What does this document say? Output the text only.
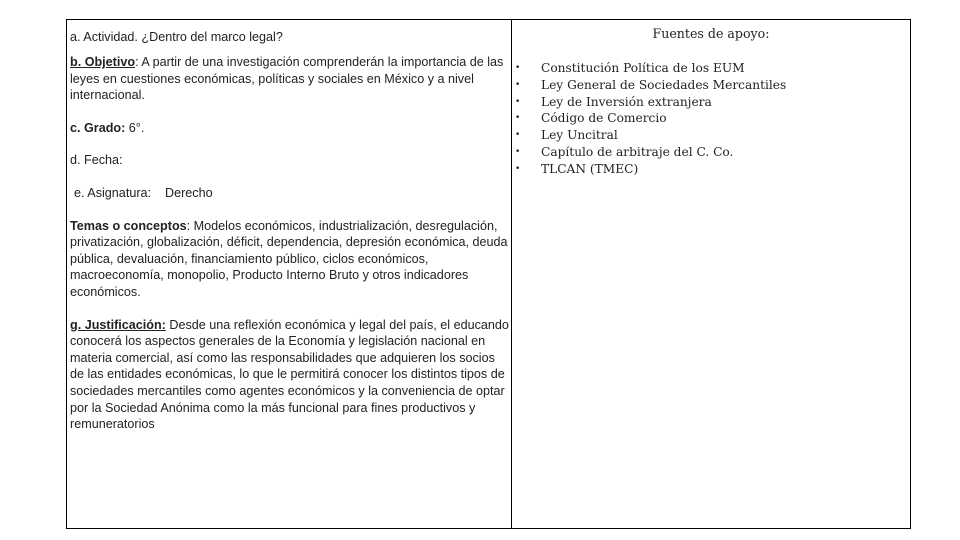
a. Actividad.
¿Dentro del marco legal?

b. Objetivo: A partir de una investigación comprenderán la importancia de las leyes en cuestiones económicas, políticas y sociales en México y a nivel internacional.

c. Grado: 6°.

d. Fecha:

e. Asignatura: Derecho

Temas o conceptos: Modelos económicos, industrialización, desregulación, privatización, globalización, déficit, dependencia, depresión económica, deuda pública, devaluación, financiamiento público, ciclos económicos, macroeconomía, monopolio, Producto Interno Bruto y otros indicadores económicos.

g. Justificación: Desde una reflexión económica y legal del país, el educando conocerá los aspectos generales de la Economía y legislación nacional en materia comercial, así como las responsabilidades que adquieren los socios de las entidades económicas, lo que le permitirá conocer los distintos tipos de sociedades mercantiles como agentes económicos y la conveniencia de optar por la Sociedad Anónima como la más funcional para fines productivos y remuneratorios

Fuentes de apoyo:
•	Constitución Política de los EUM
•	Ley General de Sociedades Mercantiles
•	Ley de Inversión extranjera
•	Código de Comercio
•	Ley Uncitral
•	Capítulo de arbitraje del C. Co.
•	TLCAN (TMEC)
